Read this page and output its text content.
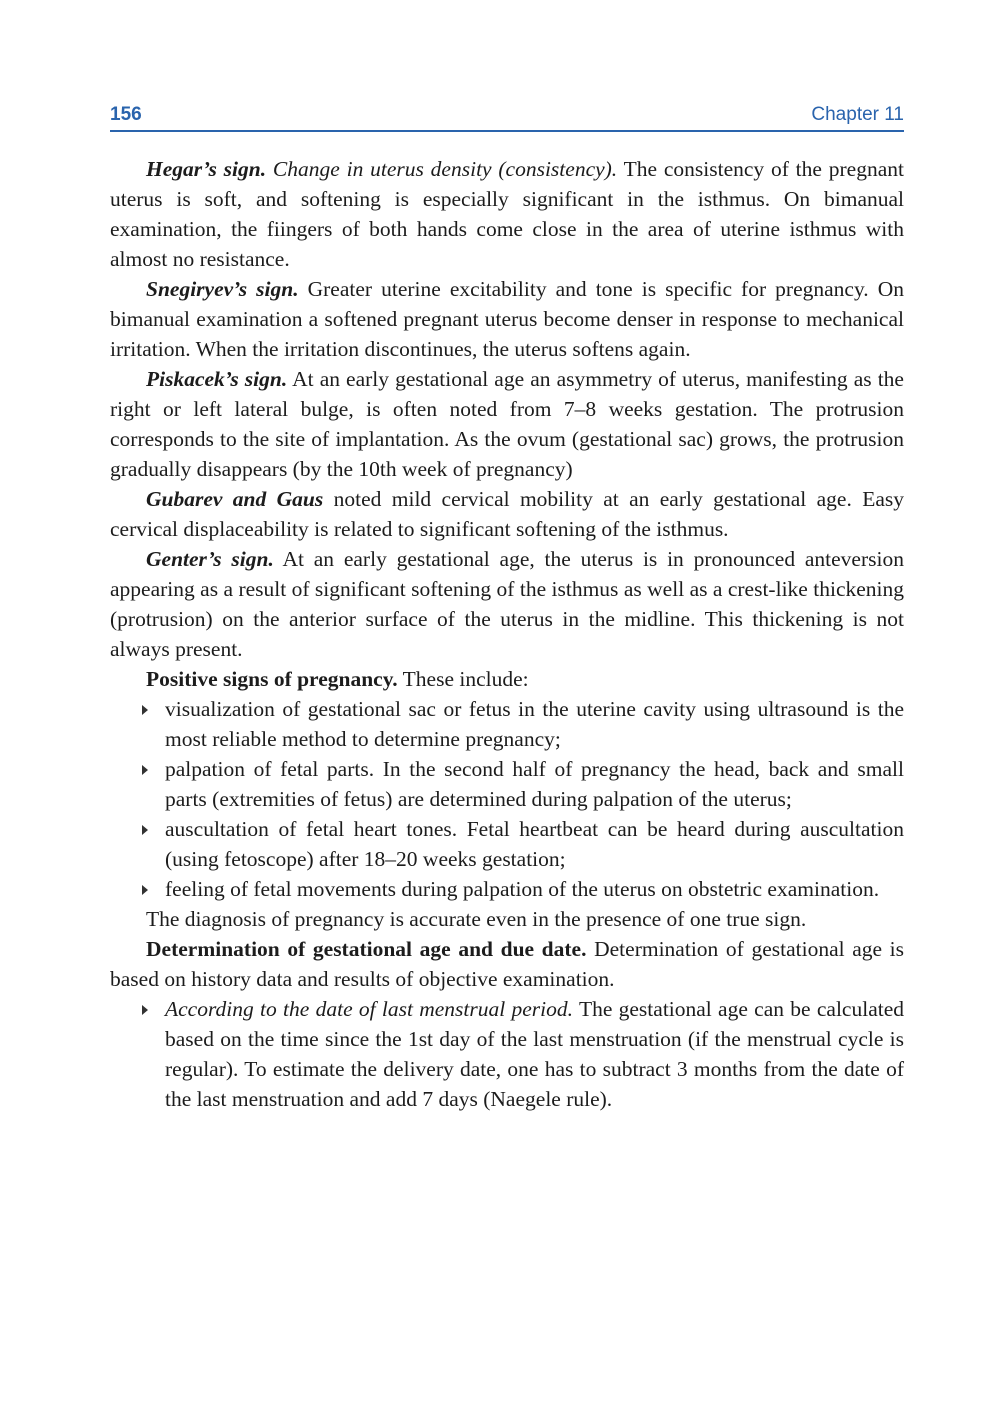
156	Chapter 11

Hegar’s sign. Change in uterus density (consistency). The consistency of the pregnant uterus is soft, and softening is especially significant in the isthmus. On bimanual examination, the fiingers of both hands come close in the area of uterine isthmus with almost no resistance.

Snegiryev’s sign. Greater uterine excitability and tone is specific for pregnancy. On bimanual examination a softened pregnant uterus become denser in response to mechanical irritation. When the irritation discontinues, the uterus softens again.

Piskacek’s sign. At an early gestational age an asymmetry of uterus, manifesting as the right or left lateral bulge, is often noted from 7–8 weeks gestation. The protrusion corresponds to the site of implantation. As the ovum (gestational sac) grows, the protrusion gradually disappears (by the 10th week of pregnancy)

Gubarev and Gaus noted mild cervical mobility at an early gestational age. Easy cervical displaceability is related to significant softening of the isthmus.

Genter’s sign. At an early gestational age, the uterus is in pronounced anteversion appearing as a result of significant softening of the isthmus as well as a crest-like thickening (protrusion) on the anterior surface of the uterus in the midline. This thickening is not always present.

Positive signs of pregnancy. These include:

visualization of gestational sac or fetus in the uterine cavity using ultrasound is the most reliable method to determine pregnancy;
palpation of fetal parts. In the second half of pregnancy the head, back and small parts (extremities of fetus) are determined during palpation of the uterus;
auscultation of fetal heart tones. Fetal heartbeat can be heard during auscultation (using fetoscope) after 18–20 weeks gestation;
feeling of fetal movements during palpation of the uterus on obstetric examination.

The diagnosis of pregnancy is accurate even in the presence of one true sign.

Determination of gestational age and due date. Determination of gestational age is based on history data and results of objective examination.

According to the date of last menstrual period. The gestational age can be calculated based on the time since the 1st day of the last menstruation (if the menstrual cycle is regular). To estimate the delivery date, one has to subtract 3 months from the date of the last menstruation and add 7 days (Naegele rule).
